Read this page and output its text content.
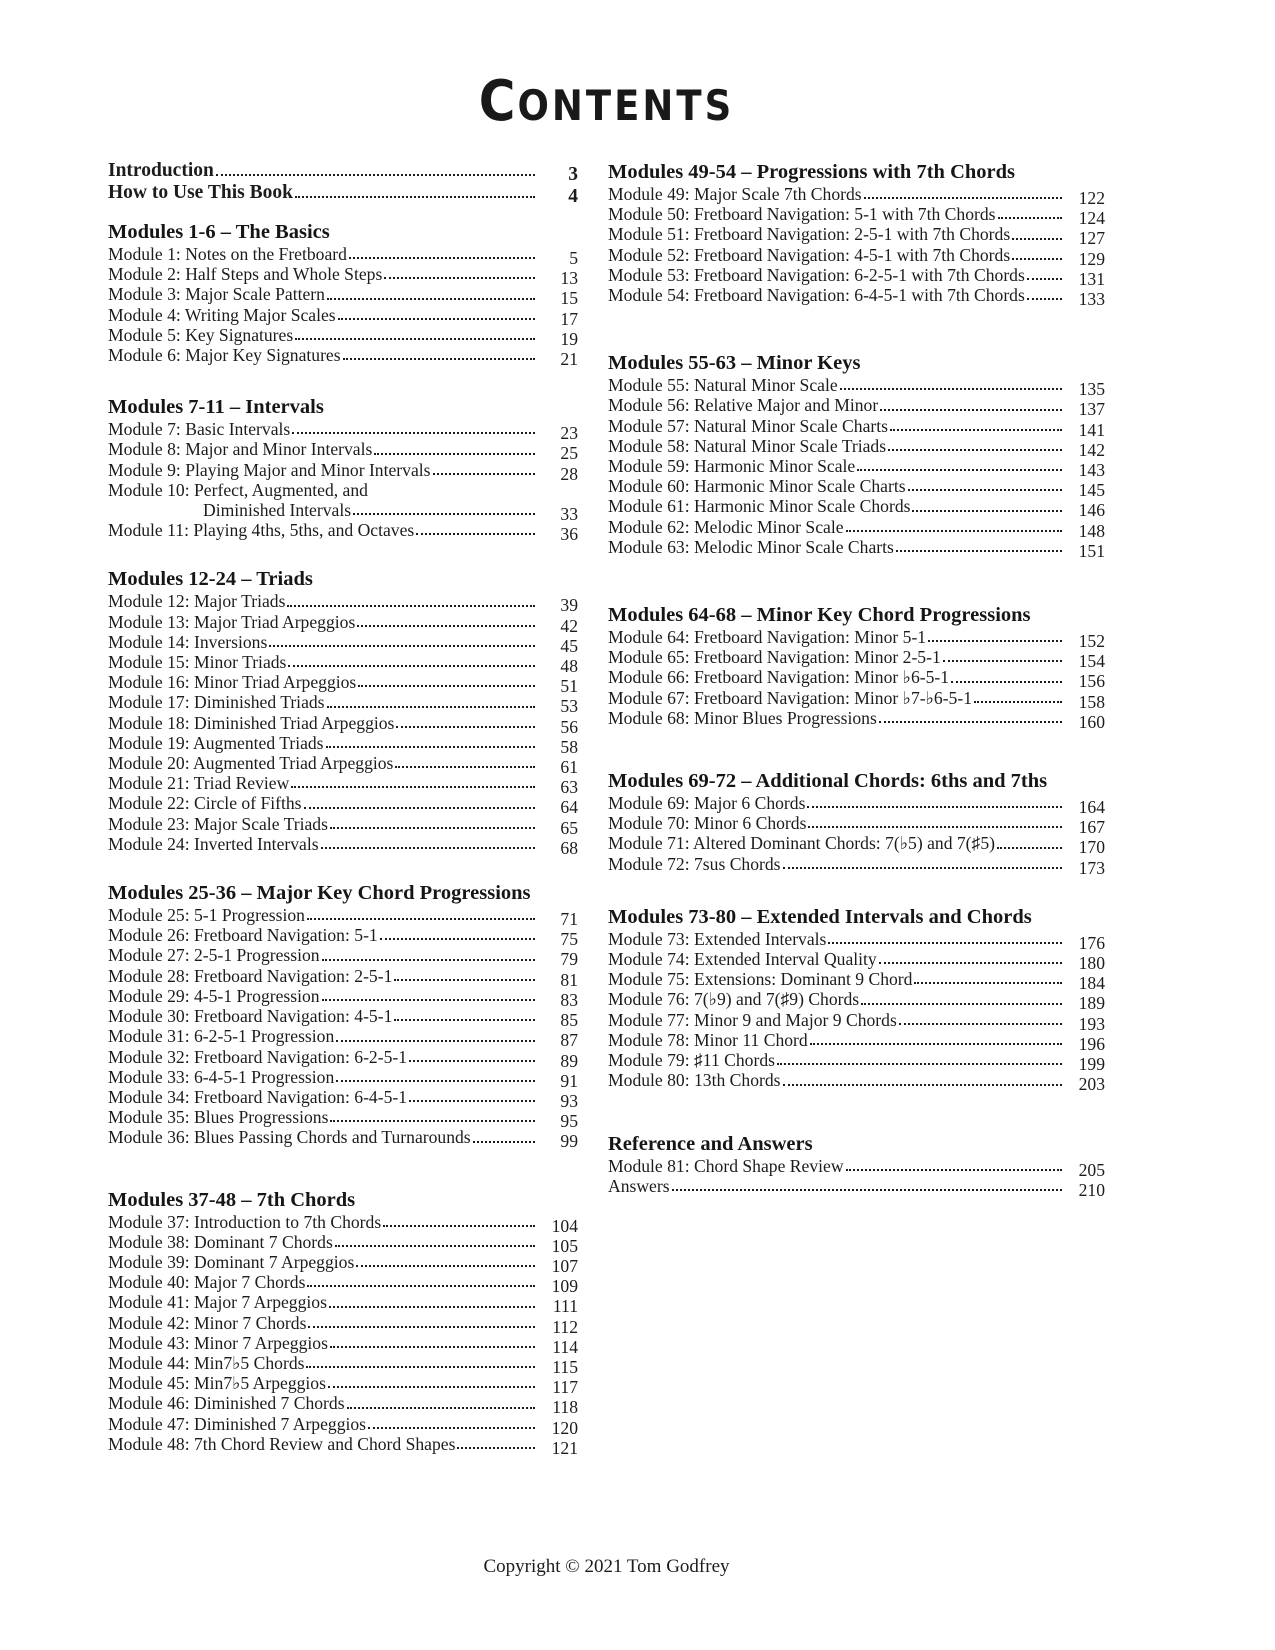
CONTENTS
Introduction	3
How to Use This Book	4
Modules 1-6 – The Basics
Module 1: Notes on the Fretboard	5
Module 2: Half Steps and Whole Steps	13
Module 3: Major Scale Pattern	15
Module 4: Writing Major Scales	17
Module 5: Key Signatures	19
Module 6: Major Key Signatures	21
Modules 7-11 – Intervals
Module 7: Basic Intervals	23
Module 8: Major and Minor Intervals	25
Module 9: Playing Major and Minor Intervals	28
Module 10: Perfect, Augmented, and
Diminished Intervals	33
Module 11: Playing 4ths, 5ths, and Octaves	36
Modules 12-24 – Triads
Module 12: Major Triads	39
Module 13: Major Triad Arpeggios	42
Module 14: Inversions	45
Module 15: Minor Triads	48
Module 16: Minor Triad Arpeggios	51
Module 17: Diminished Triads	53
Module 18: Diminished Triad Arpeggios	56
Module 19: Augmented Triads	58
Module 20: Augmented Triad Arpeggios	61
Module 21: Triad Review	63
Module 22: Circle of Fifths	64
Module 23: Major Scale Triads	65
Module 24: Inverted Intervals	68
Modules 25-36 – Major Key Chord Progressions
Module 25: 5-1 Progression	71
Module 26: Fretboard Navigation: 5-1	75
Module 27: 2-5-1 Progression	79
Module 28: Fretboard Navigation: 2-5-1	81
Module 29: 4-5-1 Progression	83
Module 30: Fretboard Navigation: 4-5-1	85
Module 31: 6-2-5-1 Progression	87
Module 32: Fretboard Navigation: 6-2-5-1	89
Module 33: 6-4-5-1 Progression	91
Module 34: Fretboard Navigation: 6-4-5-1	93
Module 35: Blues Progressions	95
Module 36: Blues Passing Chords and Turnarounds	99
Modules 37-48 – 7th Chords
Module 37: Introduction to 7th Chords	104
Module 38: Dominant 7 Chords	105
Module 39: Dominant 7 Arpeggios	107
Module 40: Major 7 Chords	109
Module 41: Major 7 Arpeggios	111
Module 42: Minor 7 Chords	112
Module 43: Minor 7 Arpeggios	114
Module 44: Min7♭5 Chords	115
Module 45: Min7♭5 Arpeggios	117
Module 46: Diminished 7 Chords	118
Module 47: Diminished 7 Arpeggios	120
Module 48: 7th Chord Review and Chord Shapes	121
Modules 49-54 – Progressions with 7th Chords
Module 49: Major Scale 7th Chords	122
Module 50: Fretboard Navigation: 5-1 with 7th Chords	124
Module 51: Fretboard Navigation: 2-5-1 with 7th Chords	127
Module 52: Fretboard Navigation: 4-5-1 with 7th Chords	129
Module 53: Fretboard Navigation: 6-2-5-1 with 7th Chords	131
Module 54: Fretboard Navigation: 6-4-5-1 with 7th Chords	133
Modules 55-63 – Minor Keys
Module 55: Natural Minor Scale	135
Module 56: Relative Major and Minor	137
Module 57: Natural Minor Scale Charts	141
Module 58: Natural Minor Scale Triads	142
Module 59: Harmonic Minor Scale	143
Module 60: Harmonic Minor Scale Charts	145
Module 61: Harmonic Minor Scale Chords	146
Module 62: Melodic Minor Scale	148
Module 63: Melodic Minor Scale Charts	151
Modules 64-68 – Minor Key Chord Progressions
Module 64: Fretboard Navigation: Minor 5-1	152
Module 65: Fretboard Navigation: Minor 2-5-1	154
Module 66: Fretboard Navigation: Minor ♭6-5-1	156
Module 67: Fretboard Navigation: Minor ♭7-♭6-5-1	158
Module 68: Minor Blues Progressions	160
Modules 69-72 – Additional Chords: 6ths and 7ths
Module 69: Major 6 Chords	164
Module 70: Minor 6 Chords	167
Module 71: Altered Dominant Chords: 7(♭5) and 7(♯5)	170
Module 72: 7sus Chords	173
Modules 73-80 – Extended Intervals and Chords
Module 73: Extended Intervals	176
Module 74: Extended Interval Quality	180
Module 75: Extensions: Dominant 9 Chord	184
Module 76: 7(♭9) and 7(♯9) Chords	189
Module 77: Minor 9 and Major 9 Chords	193
Module 78: Minor 11 Chord	196
Module 79: ♯11 Chords	199
Module 80: 13th Chords	203
Reference and Answers
Module 81: Chord Shape Review	205
Answers	210
Copyright © 2021 Tom Godfrey
